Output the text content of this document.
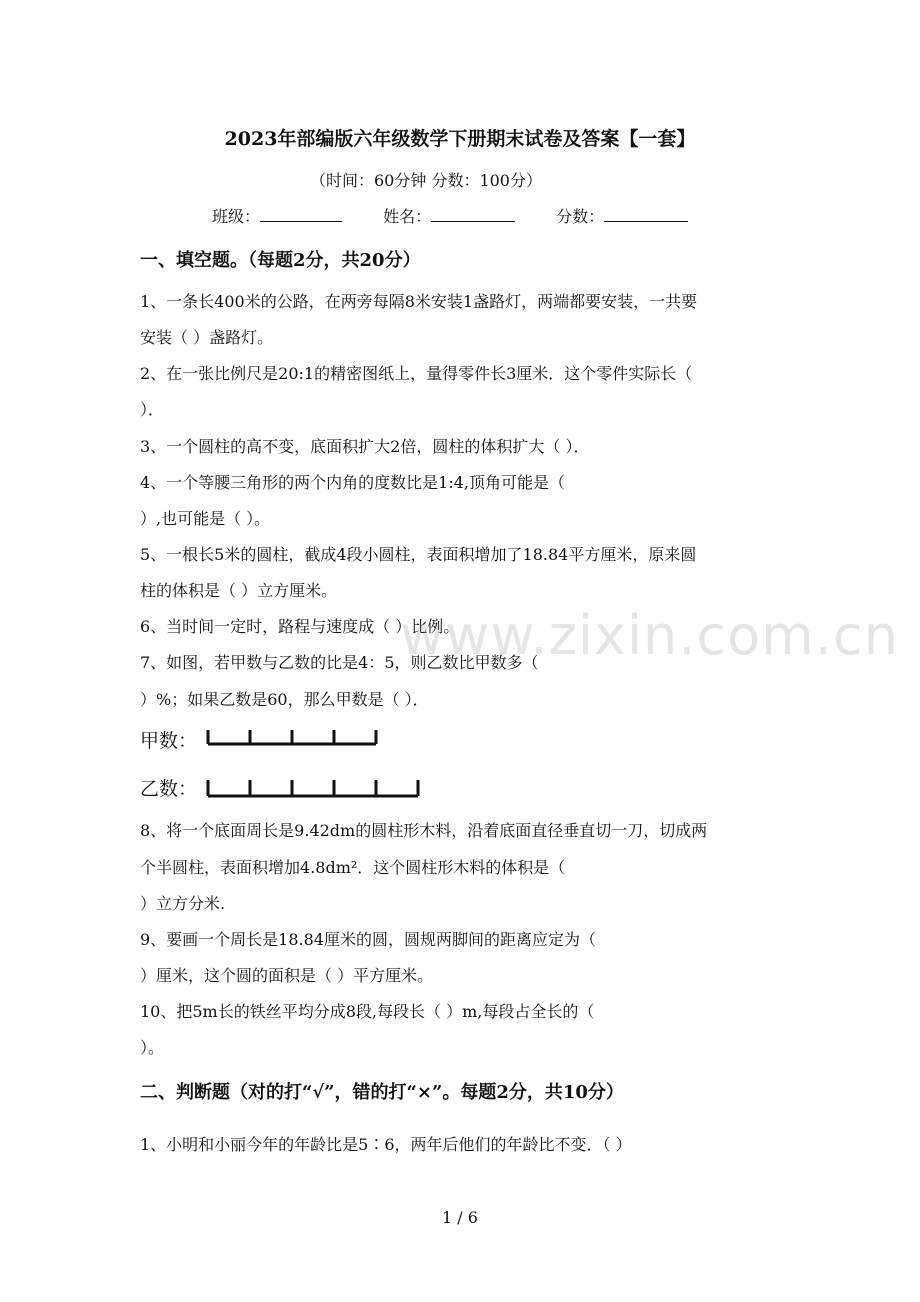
2023年部编版六年级数学下册期末试卷及答案【一套】
（时间：60分钟 分数：100分）
班级：	姓名：	分数：
一、填空题。（每题2分，共20分）
1、一条长400米的公路，在两旁每隔8米安装1盏路灯，两端都要安装，一共要
安装（ ）盏路灯。
2、在一张比例尺是20:1的精密图纸上，量得零件长3厘米．这个零件实际长（
）．
3、一个圆柱的高不变，底面积扩大2倍，圆柱的体积扩大（ ）．
4、一个等腰三角形的两个内角的度数比是1:4,顶角可能是（
）,也可能是（ ）。
5、一根长5米的圆柱，截成4段小圆柱，表面积增加了18.84平方厘米，原来圆
柱的体积是（ ）立方厘米。
6、当时间一定时，路程与速度成（ ）比例。
7、如图，若甲数与乙数的比是4：5，则乙数比甲数多（
）%；如果乙数是60，那么甲数是（ ）．
甲数：
乙数：
8、将一个底面周长是9.42dm的圆柱形木料，沿着底面直径垂直切一刀，切成两
个半圆柱，表面积增加4.8dm²．这个圆柱形木料的体积是（
）立方分米.
9、要画一个周长是18.84厘米的圆，圆规两脚间的距离应定为（
）厘米，这个圆的面积是（ ）平方厘米。
10、把5m长的铁丝平均分成8段,每段长（ ）m,每段占全长的（
）。
二、判断题（对的打“√”，错的打“×”。每题2分，共10分）
1、小明和小丽今年的年龄比是5∶6，两年后他们的年龄比不变．（ ）
www.zixin.com.cn
1 / 6
